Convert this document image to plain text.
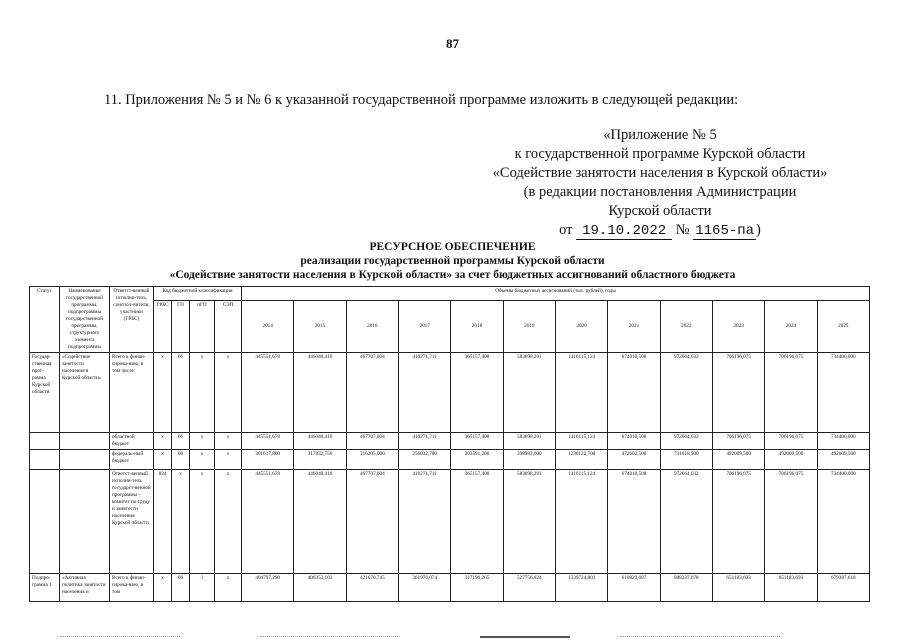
87
11. Приложения № 5 и № 6 к указанной государственной программе изложить в следующей редакции:
«Приложение № 5
к государственной программе Курской области
«Содействие занятости населения в Курской области»
(в редакции постановления Администрации
Курской области
от 19.10.2022 № 1165-па )
РЕСУРСНОЕ ОБЕСПЕЧЕНИЕ
реализации государственной программы Курской области
«Содействие занятости населения в Курской области» за счет бюджетных ассигнований областного бюджета
Статус	Наименование государственной программы, подпрограммы государственной программы, структурного элемента подпрограммы	Ответст-венный исполни-тель, соиспол-нители, участники (ГРБС)	Код бюджетной классификации				Объемы бюджетных ассигнований (тыс. рублей), годы											
			ГРБС	ГП	пГП	СЭП	2014	2015	2016	2017	2018	2019	2020	2021	2022	2023	2024	2025
Государ-ственная прог-рамма Курской области	«Содействие занятости населения в Курской области»	Всего к финан-сирова-нию, в том числе:	x	06	x	x	445551,678	446040,410	467707,004	410271,711	365157,408	583698,201	1416115,124	674010,508	972664,032	706196,075	706196,075	734400,000
		областной бюджет	x	06	x	x	445551,678	446040,410	467707,004	410271,711	365157,408	583698,201	1416115,124	674010,508	972664,032	706196,075	706196,075	734400,000
		федераль-ный бюджет	x	06	x	x	301617,800	317832,756	316205,000	256032,700	203591,200	398983,600	1230122,700	472602,500	731618,900	492009,500	492009,500	492009,500
		Ответст-венный исполни-тель государст-венной программы - комитет по труду и занятости населения Курской области	824	x	x	x	445551,678	446040,410	467707,004	410271,711	365157,408	583698,201	1416115,124	674010,508	972664,032	706196,075	706196,075	734400,000
Подпро-грамма 1	«Активная политика занятости населения и	Всего к финан-сирова-нию, в том	x	06	1	x	404797,290	406353,103	421670,745	361970,074	317196,265	527756,824	1339724,803	610829,687	908337,078	651183,693	651183,693	679387,618
